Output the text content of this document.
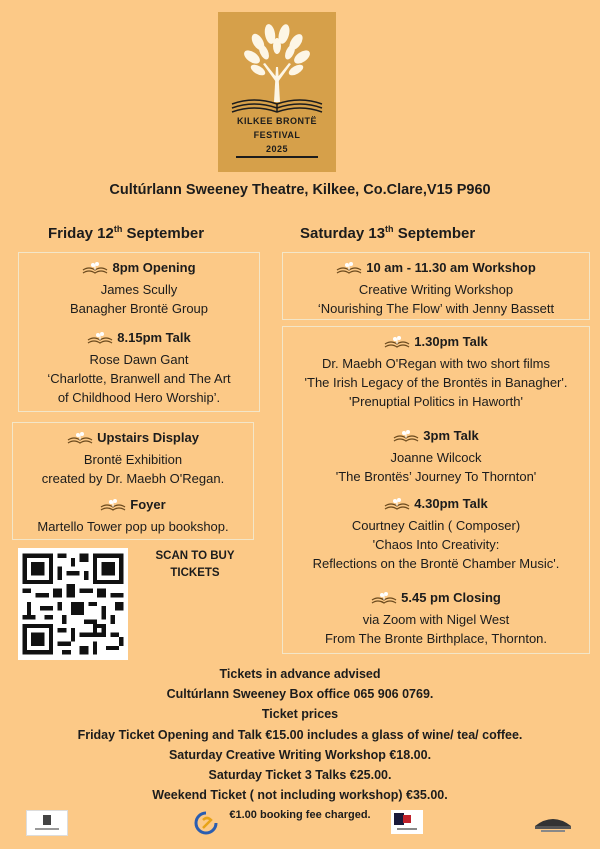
KILKEE BRONTË
FESTIVAL
2025
Cultúrlann Sweeney Theatre, Kilkee, Co.Clare,V15 P960
Friday 12th September	Saturday 13th September
8pm Opening
James Scully
Banagher Brontë Group
8.15pm Talk
Rose Dawn Gant
‘Charlotte, Branwell and The Art
of Childhood Hero Worship’.
Upstairs Display
Brontë Exhibition
created by Dr. Maebh O'Regan.
Foyer
Martello Tower pop up bookshop.
10 am - 11.30 am Workshop
Creative Writing Workshop
‘Nourishing The Flow’ with Jenny Bassett
1.30pm Talk
Dr. Maebh O'Regan with two short films
'The Irish Legacy of the Brontës in Banagher'.
'Prenuptial Politics in Haworth'
3pm Talk
Joanne Wilcock
'The Brontës’ Journey To Thornton'
4.30pm Talk
Courtney Caitlin ( Composer)
'Chaos Into Creativity:
Reflections on the Brontë Chamber Music'.
5.45 pm Closing
via Zoom with Nigel West
From The Bronte Birthplace, Thornton.
SCAN TO BUY
TICKETS
Tickets in advance advised
Cultúrlann Sweeney Box office 065 906 0769.
Ticket prices
Friday Ticket Opening and Talk €15.00 includes a glass of wine/ tea/ coffee.
Saturday Creative Writing Workshop €18.00.
Saturday Ticket 3 Talks €25.00.
Weekend Ticket ( not including workshop) €35.00.
€1.00 booking fee charged.
